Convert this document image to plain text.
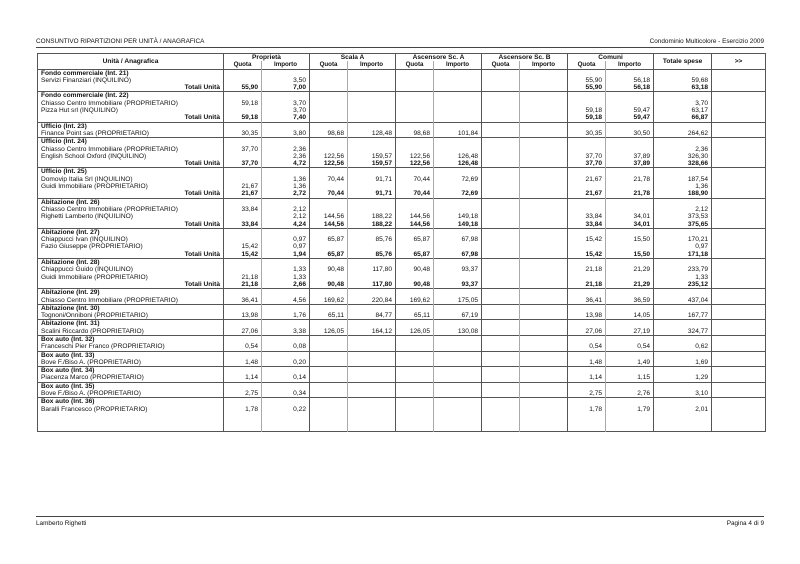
CONSUNTIVO RIPARTIZIONI PER UNITÀ / ANAGRAFICA	Condominio Multicolore - Esercizio 2009
Unità / Anagrafica	Proprietà		Scala A		Ascensore Sc. A		Ascensore Sc. B		Comuni		Totale spese	>>
	Quota	Importo	Quota	Importo	Quota	Importo	Quota	Importo	Quota	Importo		
Fondo commerciale (Int. 21)												
Servizi Finanziari (INQUILINO)		3,50							55,90	56,18	59,68	
Totali Unità	55,90	7,00							55,90	56,18	63,18	
Fondo commerciale (Int. 22)												
Chiasso Centro Immobiliare (PROPRIETARIO)	59,18	3,70									3,70	
Pizza Hut srl (INQUILINO)		3,70							59,18	59,47	63,17	
Totali Unità	59,18	7,40							59,18	59,47	66,87	
Ufficio (Int. 23)												
Finance Point sas (PROPRIETARIO)	30,35	3,80	98,68	128,48	98,68	101,84			30,35	30,50	264,62	
Ufficio (Int. 24)												
Chiasso Centro Immobiliare (PROPRIETARIO)	37,70	2,36									2,36	
English School Oxford (INQUILINO)		2,36	122,56	159,57	122,56	126,48			37,70	37,89	326,30	
Totali Unità	37,70	4,72	122,56	159,57	122,56	126,48			37,70	37,89	328,66	
Ufficio (Int. 25)												
Domovip Italia Srl (INQUILINO)		1,36	70,44	91,71	70,44	72,69			21,67	21,78	187,54	
Guidi Immobiliare (PROPRIETARIO)	21,67	1,36									1,36	
Totali Unità	21,67	2,72	70,44	91,71	70,44	72,69			21,67	21,78	188,90	
Abitazione (Int. 26)												
Chiasso Centro Immobiliare (PROPRIETARIO)	33,84	2,12									2,12	
Righetti Lamberto (INQUILINO)		2,12	144,56	188,22	144,56	149,18			33,84	34,01	373,53	
Totali Unità	33,84	4,24	144,56	188,22	144,56	149,18			33,84	34,01	375,65	
Abitazione (Int. 27)												
Chiappucci Ivan (INQUILINO)		0,97	65,87	85,76	65,87	67,98			15,42	15,50	170,21	
Fazio Giuseppe (PROPRIETARIO)	15,42	0,97									0,97	
Totali Unità	15,42	1,94	65,87	85,76	65,87	67,98			15,42	15,50	171,18	
Abitazione (Int. 28)												
Chiappucci Guido (INQUILINO)		1,33	90,48	117,80	90,48	93,37			21,18	21,29	233,79	
Guidi Immobiliare (PROPRIETARIO)	21,18	1,33									1,33	
Totali Unità	21,18	2,66	90,48	117,80	90,48	93,37			21,18	21,29	235,12	
Abitazione (Int. 29)												
Chiasso Centro Immobiliare (PROPRIETARIO)	36,41	4,56	169,62	220,84	169,62	175,05			36,41	36,59	437,04	
Abitazione (Int. 30)												
Tognoni/Onniboni (PROPRIETARIO)	13,98	1,76	65,11	84,77	65,11	67,19			13,98	14,05	167,77	
Abitazione (Int. 31)												
Scalini Riccardo (PROPRIETARIO)	27,06	3,38	126,05	164,12	126,05	130,08			27,06	27,19	324,77	
Box auto (Int. 32)												
Franceschi Pier Franco (PROPRIETARIO)	0,54	0,08							0,54	0,54	0,62	
Box auto (Int. 33)												
Bove F./Biso A. (PROPRIETARIO)	1,48	0,20							1,48	1,49	1,69	
Box auto (Int. 34)												
Piacenza Marco (PROPRIETARIO)	1,14	0,14							1,14	1,15	1,29	
Box auto (Int. 35)												
Bove F./Biso A. (PROPRIETARIO)	2,75	0,34							2,75	2,76	3,10	
Box auto (Int. 36)												
Baralli Francesco (PROPRIETARIO)	1,78	0,22							1,78	1,79	2,01	

Lamberto Righetti	Pagina 4 di 9
